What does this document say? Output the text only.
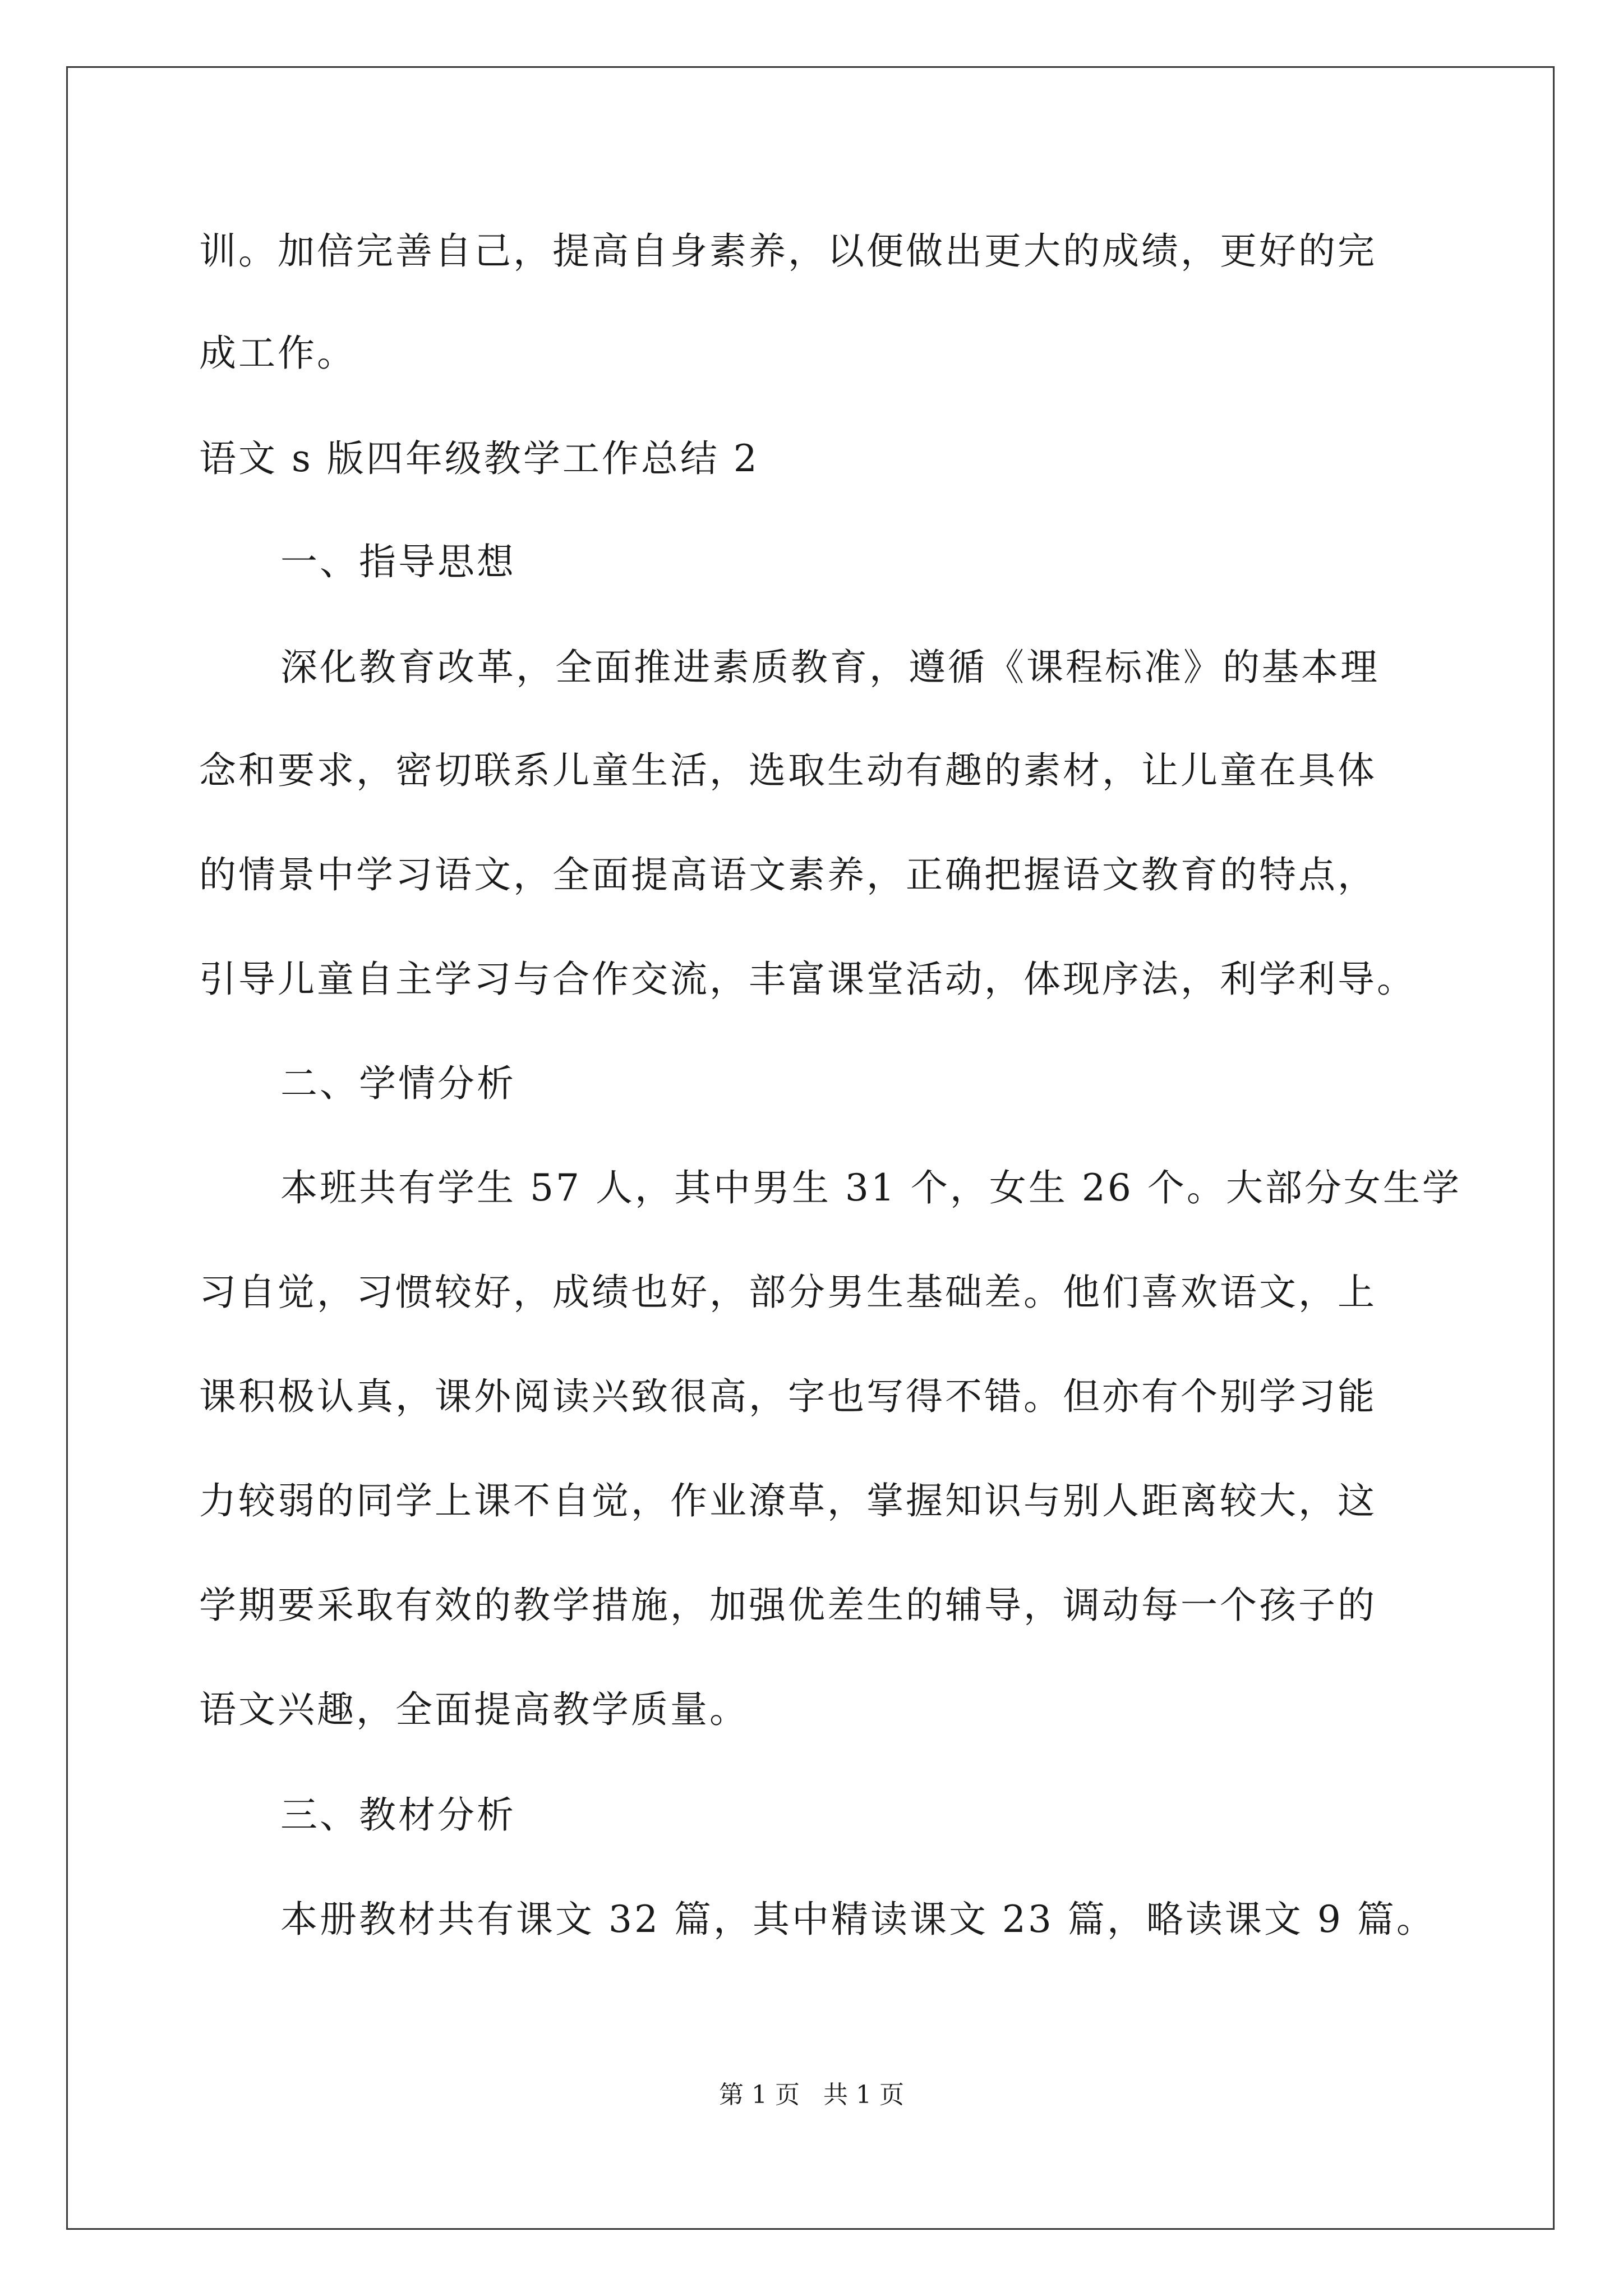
训。加倍完善自己，提高自身素养，以便做出更大的成绩，更好的完
成工作。
语文 s 版四年级教学工作总结 2
一、指导思想
深化教育改革，全面推进素质教育，遵循《课程标准》的基本理
念和要求，密切联系儿童生活，选取生动有趣的素材，让儿童在具体
的情景中学习语文，全面提高语文素养，正确把握语文教育的特点，
引导儿童自主学习与合作交流，丰富课堂活动，体现序法，利学利导。
二、学情分析
本班共有学生 57 人，其中男生 31 个，女生 26 个。大部分女生学
习自觉，习惯较好，成绩也好，部分男生基础差。他们喜欢语文，上
课积极认真，课外阅读兴致很高，字也写得不错。但亦有个别学习能
力较弱的同学上课不自觉，作业潦草，掌握知识与别人距离较大，这
学期要采取有效的教学措施，加强优差生的辅导，调动每一个孩子的
语文兴趣，全面提高教学质量。
三、教材分析
本册教材共有课文 32 篇，其中精读课文 23 篇，略读课文 9 篇。
第 1 页   共 1 页
